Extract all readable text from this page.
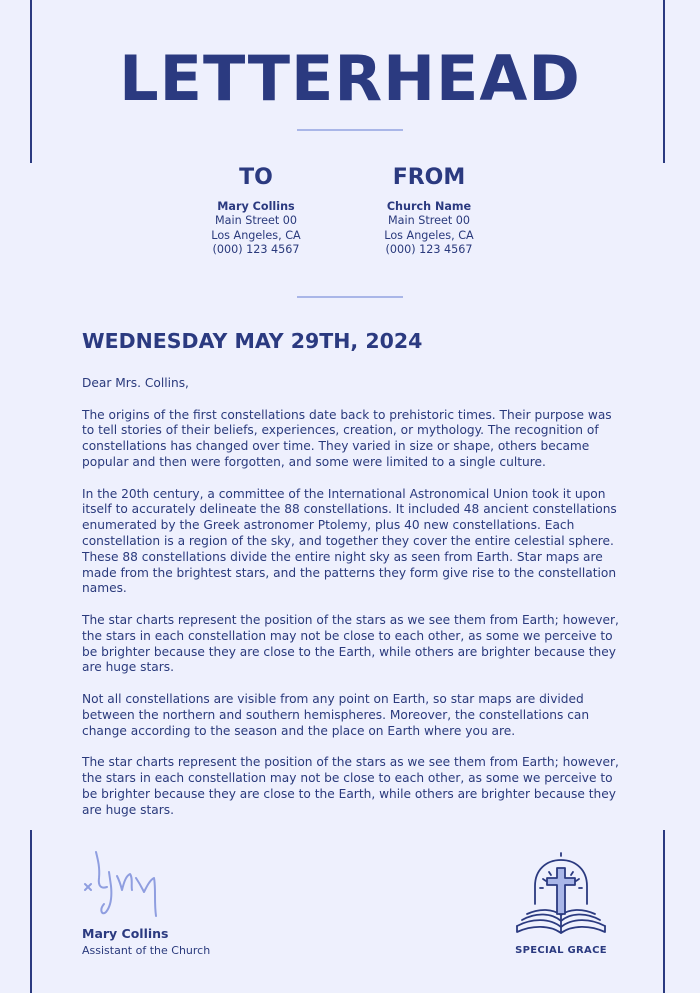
LETTERHEAD
TO
Mary Collins
Main Street 00
Los Angeles, CA
(000) 123 4567
FROM
Church Name
Main Street 00
Los Angeles, CA
(000) 123 4567
WEDNESDAY MAY 29TH, 2024

Dear Mrs. Collins,

The origins of the first constellations date back to prehistoric times. Their purpose was to tell stories of their beliefs, experiences, creation, or mythology. The recognition of constellations has changed over time. They varied in size or shape, others became popular and then were forgotten, and some were limited to a single culture.

In the 20th century, a committee of the International Astronomical Union took it upon itself to accurately delineate the 88 constellations. It included 48 ancient constellations enumerated by the Greek astronomer Ptolemy, plus 40 new constellations. Each constellation is a region of the sky, and together they cover the entire celestial sphere. These 88 constellations divide the entire night sky as seen from Earth. Star maps are made from the brightest stars, and the patterns they form give rise to the constellation names.

The star charts represent the position of the stars as we see them from Earth; however, the stars in each constellation may not be close to each other, as some we perceive to be brighter because they are close to the Earth, while others are brighter because they are huge stars.

Not all constellations are visible from any point on Earth, so star maps are divided between the northern and southern hemispheres. Moreover, the constellations can change according to the season and the place on Earth where you are.

The star charts represent the position of the stars as we see them from Earth; however, the stars in each constellation may not be close to each other, as some we perceive to be brighter because they are close to the Earth, while others are brighter because they are huge stars.

Mary Collins
Assistant of the Church	SPECIAL GRACE
